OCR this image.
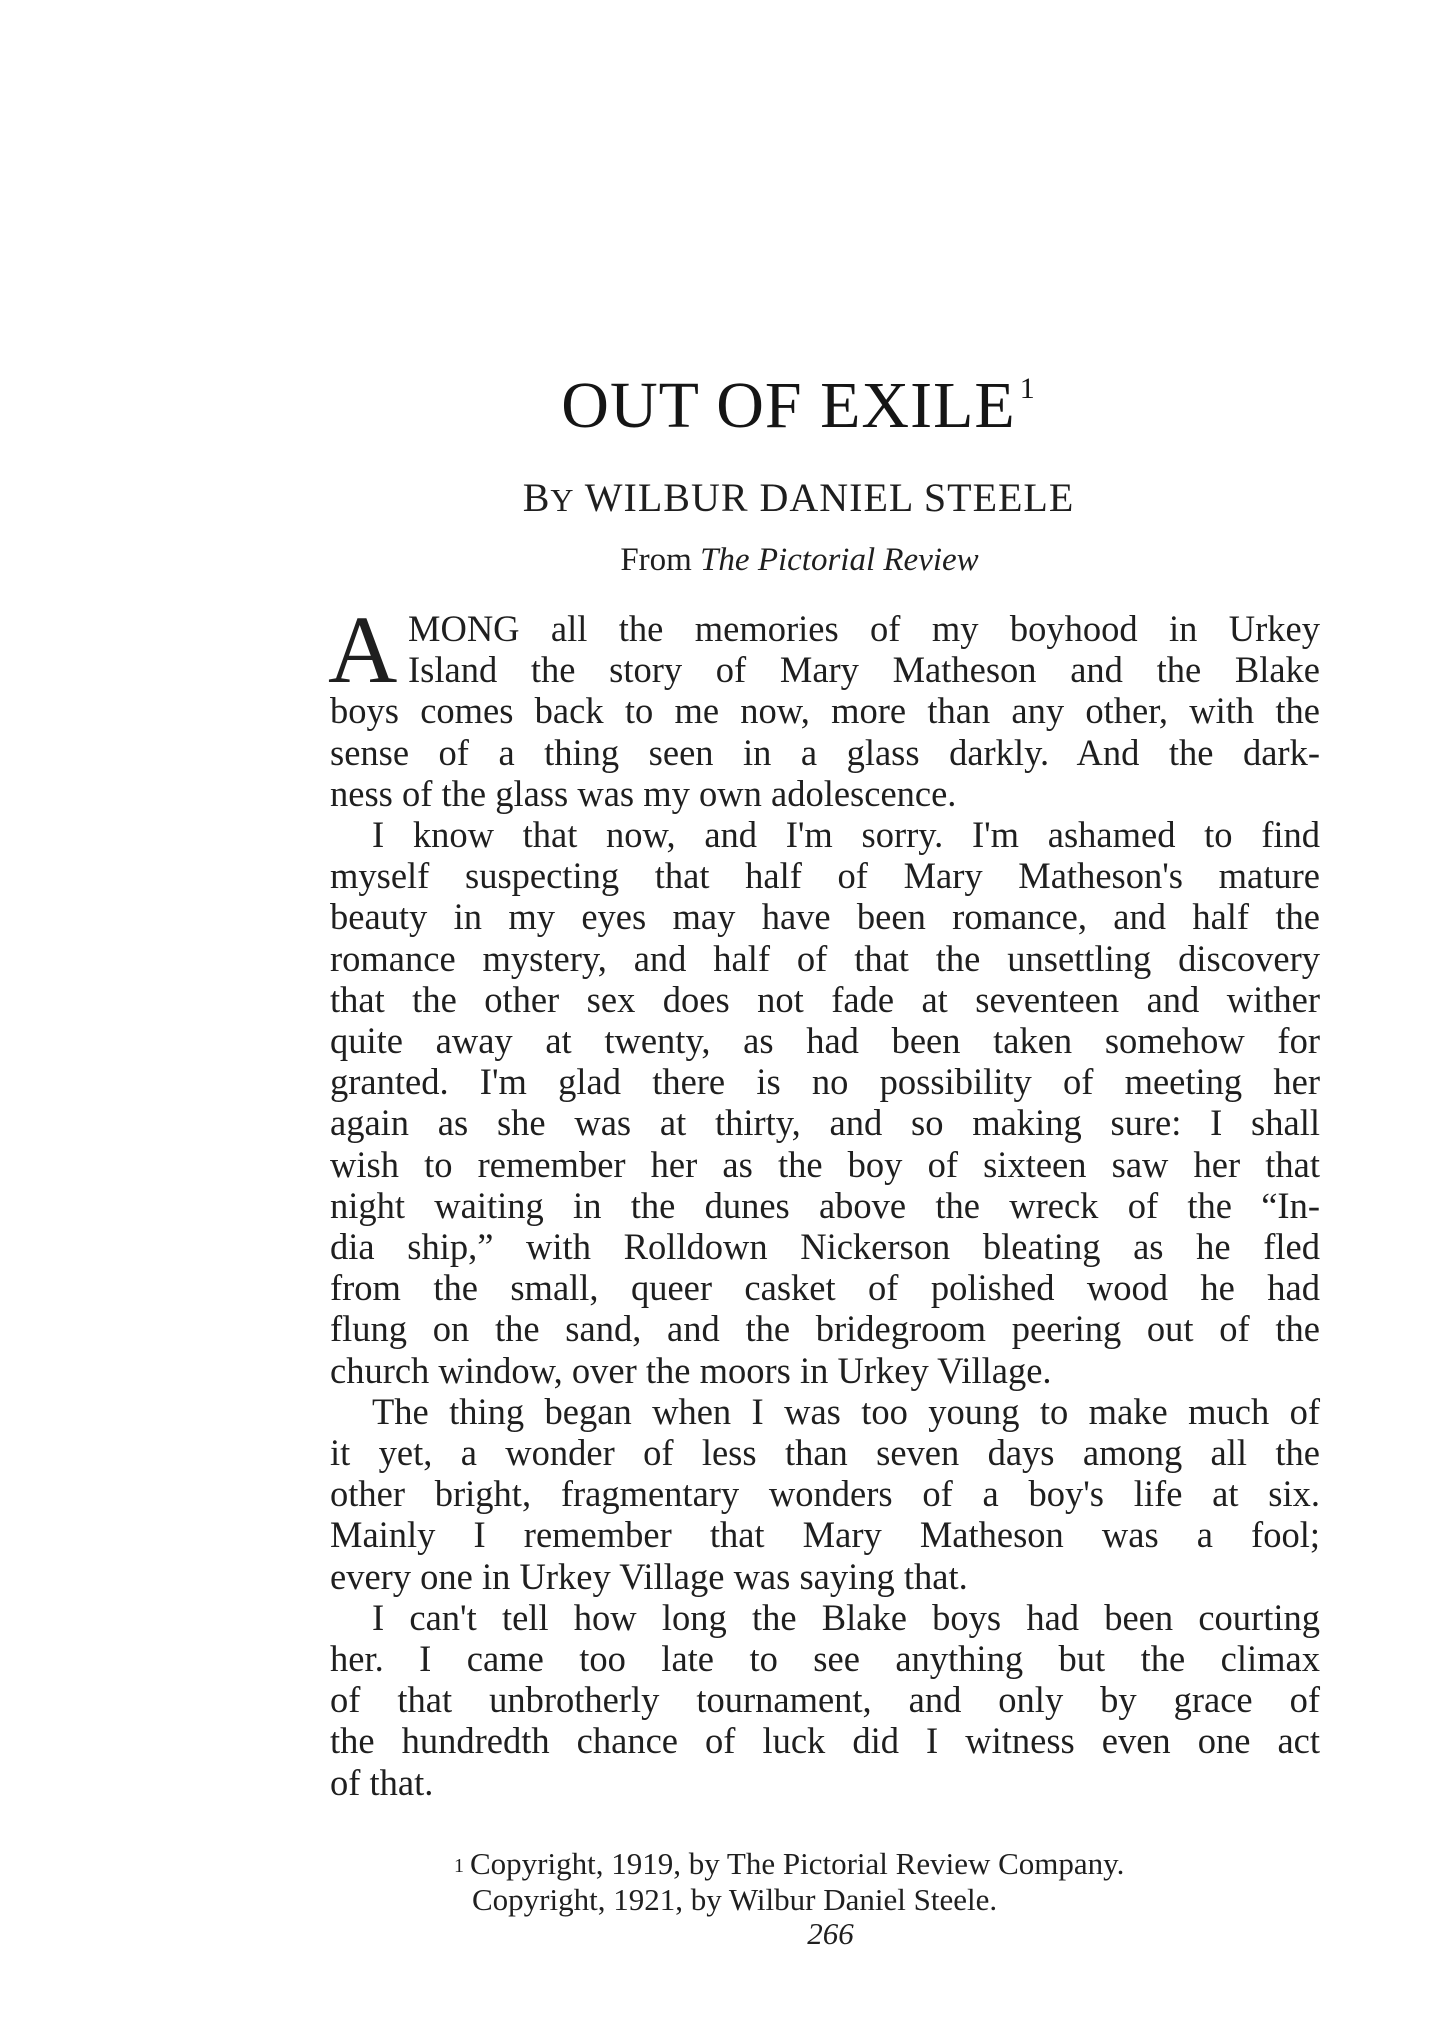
OUT OF EXILE $^1$
BY WILBUR DANIEL STEELE
From The Pictorial Review
A MONG all the memories of my boyhood in Urkey
Island the story of Mary Matheson and the Blake
boys comes back to me now, more than any other, with the
sense of a thing seen in a glass darkly. And the dark-
ness of the glass was my own adolescence.
I know that now, and I'm sorry. I'm ashamed to find
myself suspecting that half of Mary Matheson's mature
beauty in my eyes may have been romance, and half the
romance mystery, and half of that the unsettling discovery
that the other sex does not fade at seventeen and wither
quite away at twenty, as had been taken somehow for
granted. I'm glad there is no possibility of meeting her
again as she was at thirty, and so making sure: I shall
wish to remember her as the boy of sixteen saw her that
night waiting in the dunes above the wreck of the “In-
dia ship,” with Rolldown Nickerson bleating as he fled
from the small, queer casket of polished wood he had
flung on the sand, and the bridegroom peering out of the
church window, over the moors in Urkey Village.
The thing began when I was too young to make much of
it yet, a wonder of less than seven days among all the
other bright, fragmentary wonders of a boy's life at six.
Mainly I remember that Mary Matheson was a fool;
every one in Urkey Village was saying that.
I can't tell how long the Blake boys had been courting
her. I came too late to see anything but the climax
of that unbrotherly tournament, and only by grace of
the hundredth chance of luck did I witness even one act
of that.
$^1$ Copyright, 1919, by The Pictorial Review Company.
Copyright, 1921, by Wilbur Daniel Steele.
266
